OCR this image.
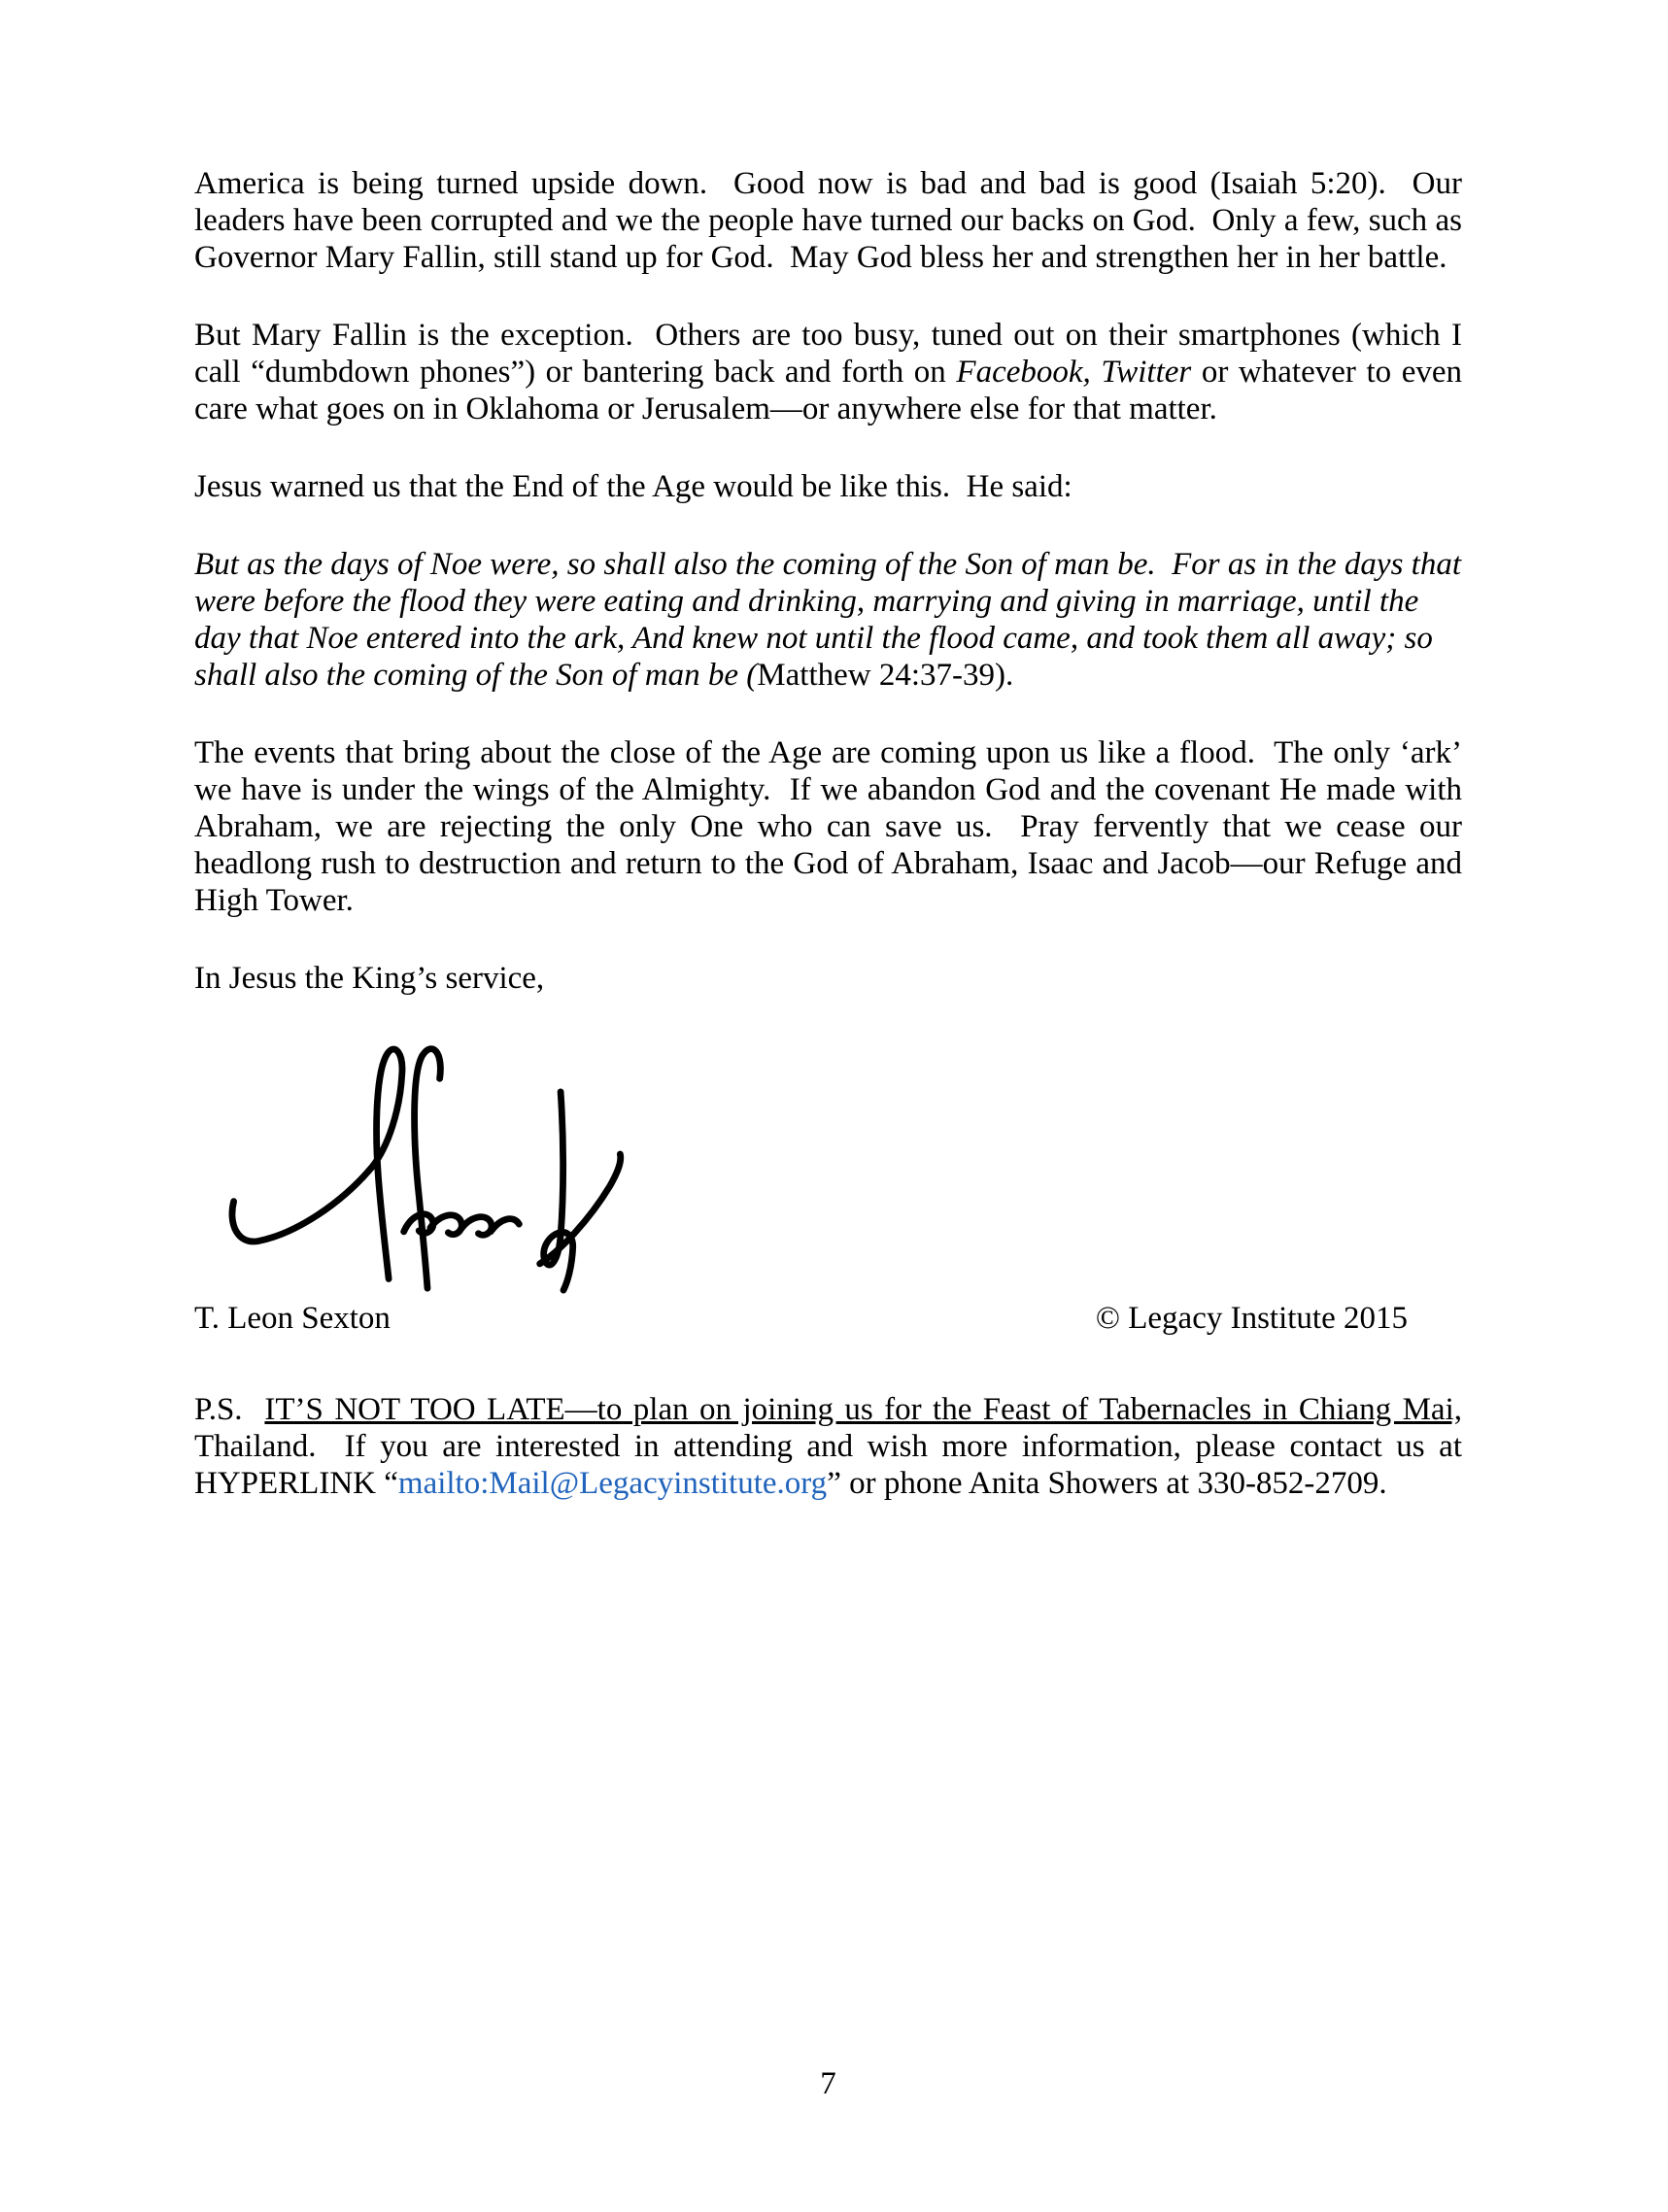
America is being turned upside down.  Good now is bad and bad is good (Isaiah 5:20).  Our leaders have been corrupted and we the people have turned our backs on God.  Only a few, such as Governor Mary Fallin, still stand up for God.  May God bless her and strengthen her in her battle.

But Mary Fallin is the exception.  Others are too busy, tuned out on their smartphones (which I call “dumbdown phones”) or bantering back and forth on Facebook, Twitter or whatever to even care what goes on in Oklahoma or Jerusalem—or anywhere else for that matter.

Jesus warned us that the End of the Age would be like this.  He said:

But as the days of Noe were, so shall also the coming of the Son of man be.  For as in the days that were before the flood they were eating and drinking, marrying and giving in marriage, until the day that Noe entered into the ark, And knew not until the flood came, and took them all away; so shall also the coming of the Son of man be (Matthew 24:37-39).

The events that bring about the close of the Age are coming upon us like a flood.  The only ‘ark’ we have is under the wings of the Almighty.  If we abandon God and the covenant He made with Abraham, we are rejecting the only One who can save us.  Pray fervently that we cease our headlong rush to destruction and return to the God of Abraham, Isaac and Jacob—our Refuge and High Tower.

In Jesus the King’s service,

T. Leon Sexton	© Legacy Institute 2015

P.S.  IT’S NOT TOO LATE—to plan on joining us for the Feast of Tabernacles in Chiang Mai, Thailand.  If you are interested in attending and wish more information, please contact us at HYPERLINK “mailto:Mail@Legacyinstitute.org” or phone Anita Showers at 330-852-2709.

7
